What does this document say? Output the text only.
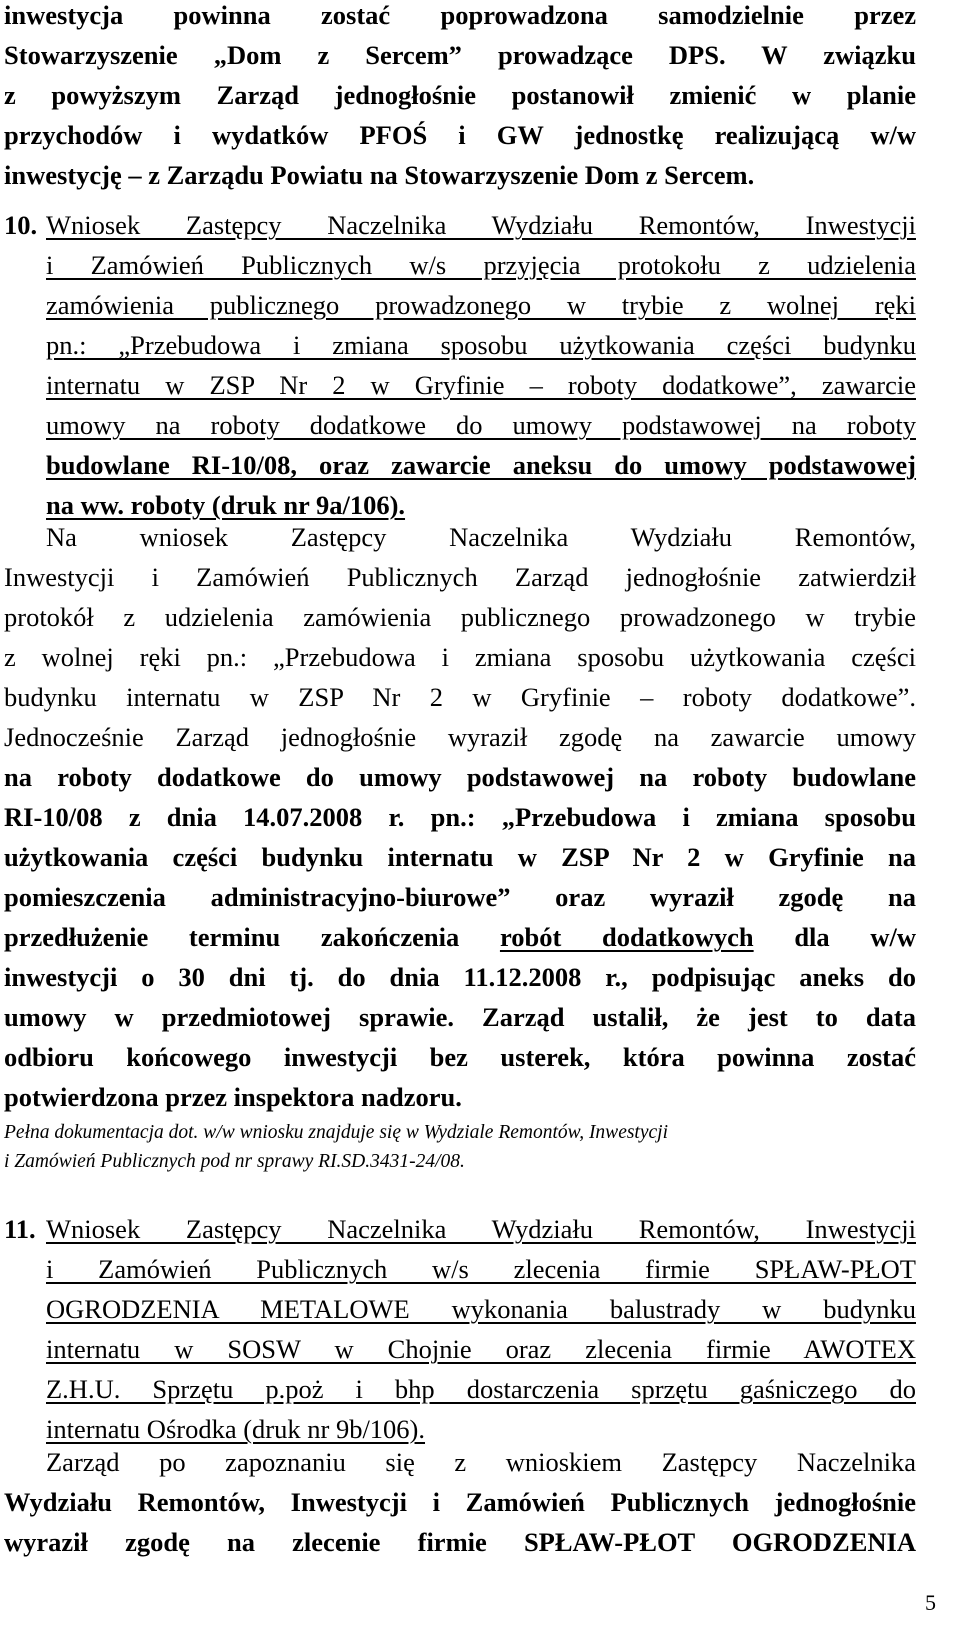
inwestycja powinna zostać poprowadzona samodzielnie przez
Stowarzyszenie „Dom z Sercem” prowadzące DPS. W związku
z powyższym Zarząd jednogłośnie postanowił zmienić w planie
przychodów i wydatków PFOŚ i GW jednostkę realizującą w/w
inwestycję – z Zarządu Powiatu na Stowarzyszenie Dom z Sercem.
10. Wniosek Zastępcy Naczelnika Wydziału Remontów, Inwestycji
i Zamówień Publicznych w/s przyjęcia protokołu z udzielenia
zamówienia publicznego prowadzonego w trybie z wolnej ręki
pn.: „Przebudowa i zmiana sposobu użytkowania części budynku
internatu w ZSP Nr 2 w Gryfinie – roboty dodatkowe”, zawarcie
umowy na roboty dodatkowe do umowy podstawowej na roboty
budowlane RI-10/08, oraz zawarcie aneksu do umowy podstawowej
na ww. roboty (druk nr 9a/106).
Na wniosek Zastępcy Naczelnika Wydziału Remontów,
Inwestycji i Zamówień Publicznych Zarząd jednogłośnie zatwierdził
protokół z udzielenia zamówienia publicznego prowadzonego w trybie
z wolnej ręki pn.: „Przebudowa i zmiana sposobu użytkowania części
budynku internatu w ZSP Nr 2 w Gryfinie – roboty dodatkowe”.
Jednocześnie Zarząd jednogłośnie wyraził zgodę na zawarcie umowy
na roboty dodatkowe do umowy podstawowej na roboty budowlane
RI-10/08 z dnia 14.07.2008 r. pn.: „Przebudowa i zmiana sposobu
użytkowania części budynku internatu w ZSP Nr 2 w Gryfinie na
pomieszczenia administracyjno-biurowe” oraz wyraził zgodę na
przedłużenie terminu zakończenia robót dodatkowych dla w/w
inwestycji o 30 dni tj. do dnia 11.12.2008 r., podpisując aneks do
umowy w przedmiotowej sprawie. Zarząd ustalił, że jest to data
odbioru końcowego inwestycji bez usterek, która powinna zostać
potwierdzona przez inspektora nadzoru.
Pełna dokumentacja dot. w/w wniosku znajduje się w Wydziale Remontów, Inwestycji
i Zamówień Publicznych pod nr sprawy RI.SD.3431-24/08.
11. Wniosek Zastępcy Naczelnika Wydziału Remontów, Inwestycji
i Zamówień Publicznych w/s zlecenia firmie SPŁAW-PŁOT
OGRODZENIA METALOWE wykonania balustrady w budynku
internatu w SOSW w Chojnie oraz zlecenia firmie AWOTEX
Z.H.U. Sprzętu p.poż i bhp dostarczenia sprzętu gaśniczego do
internatu Ośrodka (druk nr 9b/106).
Zarząd po zapoznaniu się z wnioskiem Zastępcy Naczelnika
Wydziału Remontów, Inwestycji i Zamówień Publicznych jednogłośnie
wyraził zgodę na zlecenie firmie SPŁAW-PŁOT OGRODZENIA
5
